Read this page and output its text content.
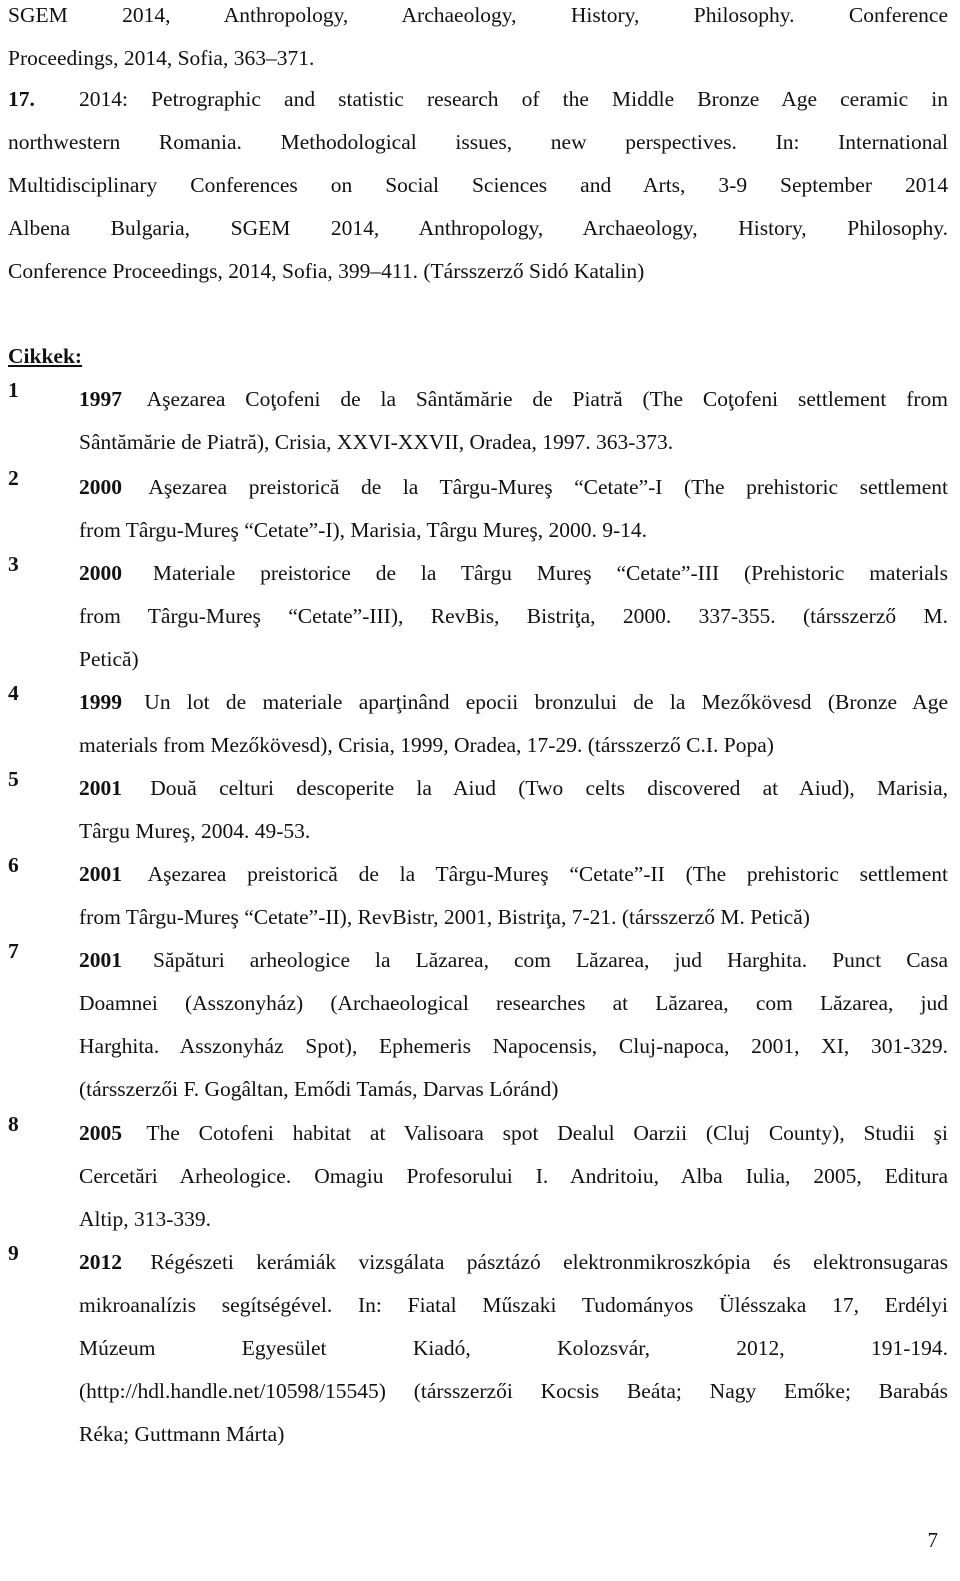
SGEM 2014, Anthropology, Archaeology, History, Philosophy. Conference
Proceedings, 2014, Sofia, 363–371.
17. 2014: Petrographic and statistic research of the Middle Bronze Age ceramic in
northwestern Romania. Methodological issues, new perspectives. In: International
Multidisciplinary Conferences on Social Sciences and Arts, 3-9 September 2014
Albena Bulgaria, SGEM 2014, Anthropology, Archaeology, History, Philosophy.
Conference Proceedings, 2014, Sofia, 399–411. (Társszerző Sidó Katalin)
Cikkek:
1	1997 Aşezarea Coţofeni de la Sântămărie de Piatră (The Coţofeni settlement from
Sântămărie de Piatră), Crisia, XXVI-XXVII, Oradea, 1997. 363-373.
2	2000 Aşezarea preistorică de la Târgu-Mureş “Cetate”-I (The prehistoric settlement
from Târgu-Mureş “Cetate”-I), Marisia, Târgu Mureş, 2000. 9-14.
3	2000 Materiale preistorice de la Târgu Mureş “Cetate”-III (Prehistoric materials
from Târgu-Mureş “Cetate”-III), RevBis, Bistriţa, 2000. 337-355. (társszerző M.
Petică)
4	1999 Un lot de materiale aparţinând epocii bronzului de la Mezőkövesd (Bronze Age
materials from Mezőkövesd), Crisia, 1999, Oradea, 17-29. (társszerző C.I. Popa)
5	2001 Două celturi descoperite la Aiud (Two celts discovered at Aiud), Marisia,
Târgu Mureş, 2004. 49-53.
6	2001 Aşezarea preistorică de la Târgu-Mureş “Cetate”-II (The prehistoric settlement
from Târgu-Mureş “Cetate”-II), RevBistr, 2001, Bistriţa, 7-21. (társszerző M. Petică)
7	2001 Săpături arheologice la Lăzarea, com Lăzarea, jud Harghita. Punct Casa
Doamnei (Asszonyház) (Archaeological researches at Lăzarea, com Lăzarea, jud
Harghita. Asszonyház Spot), Ephemeris Napocensis, Cluj-napoca, 2001, XI, 301-329.
(társszerzői F. Gogâltan, Emődi Tamás, Darvas Lóránd)
8	2005 The Cotofeni habitat at Valisoara spot Dealul Oarzii (Cluj County), Studii şi
Cercetări Arheologice. Omagiu Profesorului I. Andritoiu, Alba Iulia, 2005, Editura
Altip, 313-339.
9	2012 Régészeti kerámiák vizsgálata pásztázó elektronmikroszkópia és elektronsugaras
mikroanalízis segítségével. In: Fiatal Műszaki Tudományos Ülésszaka 17, Erdélyi
Múzeum Egyesület Kiadó, Kolozsvár, 2012, 191-194.
(http://hdl.handle.net/10598/15545) (társszerzői Kocsis Beáta; Nagy Emőke; Barabás
Réka; Guttmann Márta)
7
